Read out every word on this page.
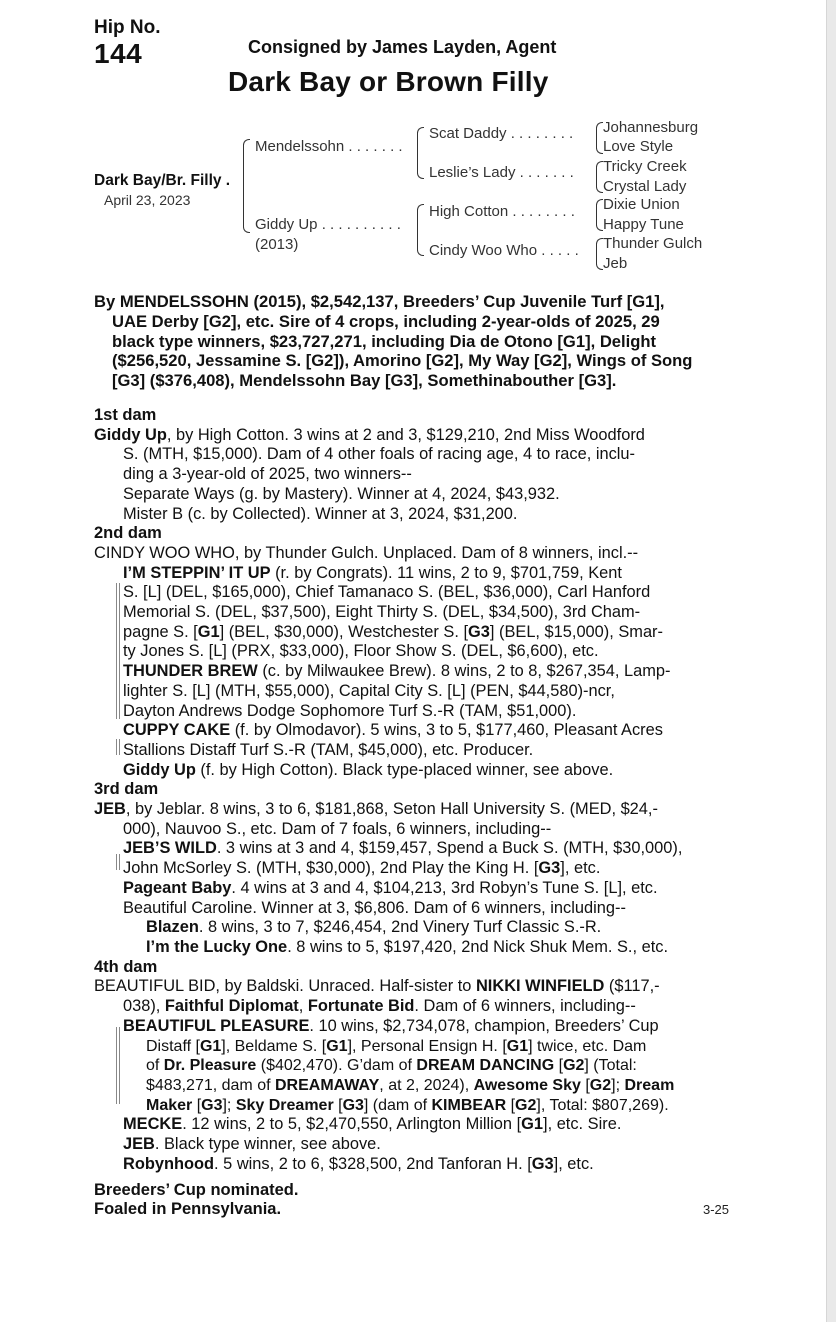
Hip No.
144	Consigned by James Layden, Agent
Dark Bay or Brown Filly
Dark Bay/Br. Filly .
April 23, 2023
Mendelssohn . . . . . . .
Giddy Up . . . . . . . . . .
(2013)
Scat Daddy . . . . . . . .
Leslie’s Lady . . . . . . .
High Cotton . . . . . . . .
Cindy Woo Who . . . . .
Johannesburg
Love Style
Tricky Creek
Crystal Lady
Dixie Union
Happy Tune
Thunder Gulch
Jeb
By MENDELSSOHN (2015), $2,542,137, Breeders’ Cup Juvenile Turf [G1],
UAE Derby [G2], etc. Sire of 4 crops, including 2-year-olds of 2025, 29
black type winners, $23,727,271, including Dia de Otono [G1], Delight
($256,520, Jessamine S. [G2]), Amorino [G2], My Way [G2], Wings of Song
[G3] ($376,408), Mendelssohn Bay [G3], Somethinabouther [G3].
1st dam
Giddy Up, by High Cotton. 3 wins at 2 and 3, $129,210, 2nd Miss Woodford
S. (MTH, $15,000). Dam of 4 other foals of racing age, 4 to race, inclu-
ding a 3-year-old of 2025, two winners--
Separate Ways (g. by Mastery). Winner at 4, 2024, $43,932.
Mister B (c. by Collected). Winner at 3, 2024, $31,200.
2nd dam
CINDY WOO WHO, by Thunder Gulch. Unplaced. Dam of 8 winners, incl.--
I’M STEPPIN’ IT UP (r. by Congrats). 11 wins, 2 to 9, $701,759, Kent
S. [L] (DEL, $165,000), Chief Tamanaco S. (BEL, $36,000), Carl Hanford
Memorial S. (DEL, $37,500), Eight Thirty S. (DEL, $34,500), 3rd Cham-
pagne S. [G1] (BEL, $30,000), Westchester S. [G3] (BEL, $15,000), Smar-
ty Jones S. [L] (PRX, $33,000), Floor Show S. (DEL, $6,600), etc.
THUNDER BREW (c. by Milwaukee Brew). 8 wins, 2 to 8, $267,354, Lamp-
lighter S. [L] (MTH, $55,000), Capital City S. [L] (PEN, $44,580)-ncr,
Dayton Andrews Dodge Sophomore Turf S.-R (TAM, $51,000).
CUPPY CAKE (f. by Olmodavor). 5 wins, 3 to 5, $177,460, Pleasant Acres
Stallions Distaff Turf S.-R (TAM, $45,000), etc. Producer.
Giddy Up (f. by High Cotton). Black type-placed winner, see above.
3rd dam
JEB, by Jeblar. 8 wins, 3 to 6, $181,868, Seton Hall University S. (MED, $24,-
000), Nauvoo S., etc. Dam of 7 foals, 6 winners, including--
JEB’S WILD. 3 wins at 3 and 4, $159,457, Spend a Buck S. (MTH, $30,000),
John McSorley S. (MTH, $30,000), 2nd Play the King H. [G3], etc.
Pageant Baby. 4 wins at 3 and 4, $104,213, 3rd Robyn’s Tune S. [L], etc.
Beautiful Caroline. Winner at 3, $6,806. Dam of 6 winners, including--
Blazen. 8 wins, 3 to 7, $246,454, 2nd Vinery Turf Classic S.-R.
I’m the Lucky One. 8 wins to 5, $197,420, 2nd Nick Shuk Mem. S., etc.
4th dam
BEAUTIFUL BID, by Baldski. Unraced. Half-sister to NIKKI WINFIELD ($117,-
038), Faithful Diplomat, Fortunate Bid. Dam of 6 winners, including--
BEAUTIFUL PLEASURE. 10 wins, $2,734,078, champion, Breeders’ Cup
Distaff [G1], Beldame S. [G1], Personal Ensign H. [G1] twice, etc. Dam
of Dr. Pleasure ($402,470). G’dam of DREAM DANCING [G2] (Total:
$483,271, dam of DREAMAWAY, at 2, 2024), Awesome Sky [G2]; Dream
Maker [G3]; Sky Dreamer [G3] (dam of KIMBEAR [G2], Total: $807,269).
MECKE. 12 wins, 2 to 5, $2,470,550, Arlington Million [G1], etc. Sire.
JEB. Black type winner, see above.
Robynhood. 5 wins, 2 to 6, $328,500, 2nd Tanforan H. [G3], etc.
Breeders’ Cup nominated.
Foaled in Pennsylvania.	3-25
